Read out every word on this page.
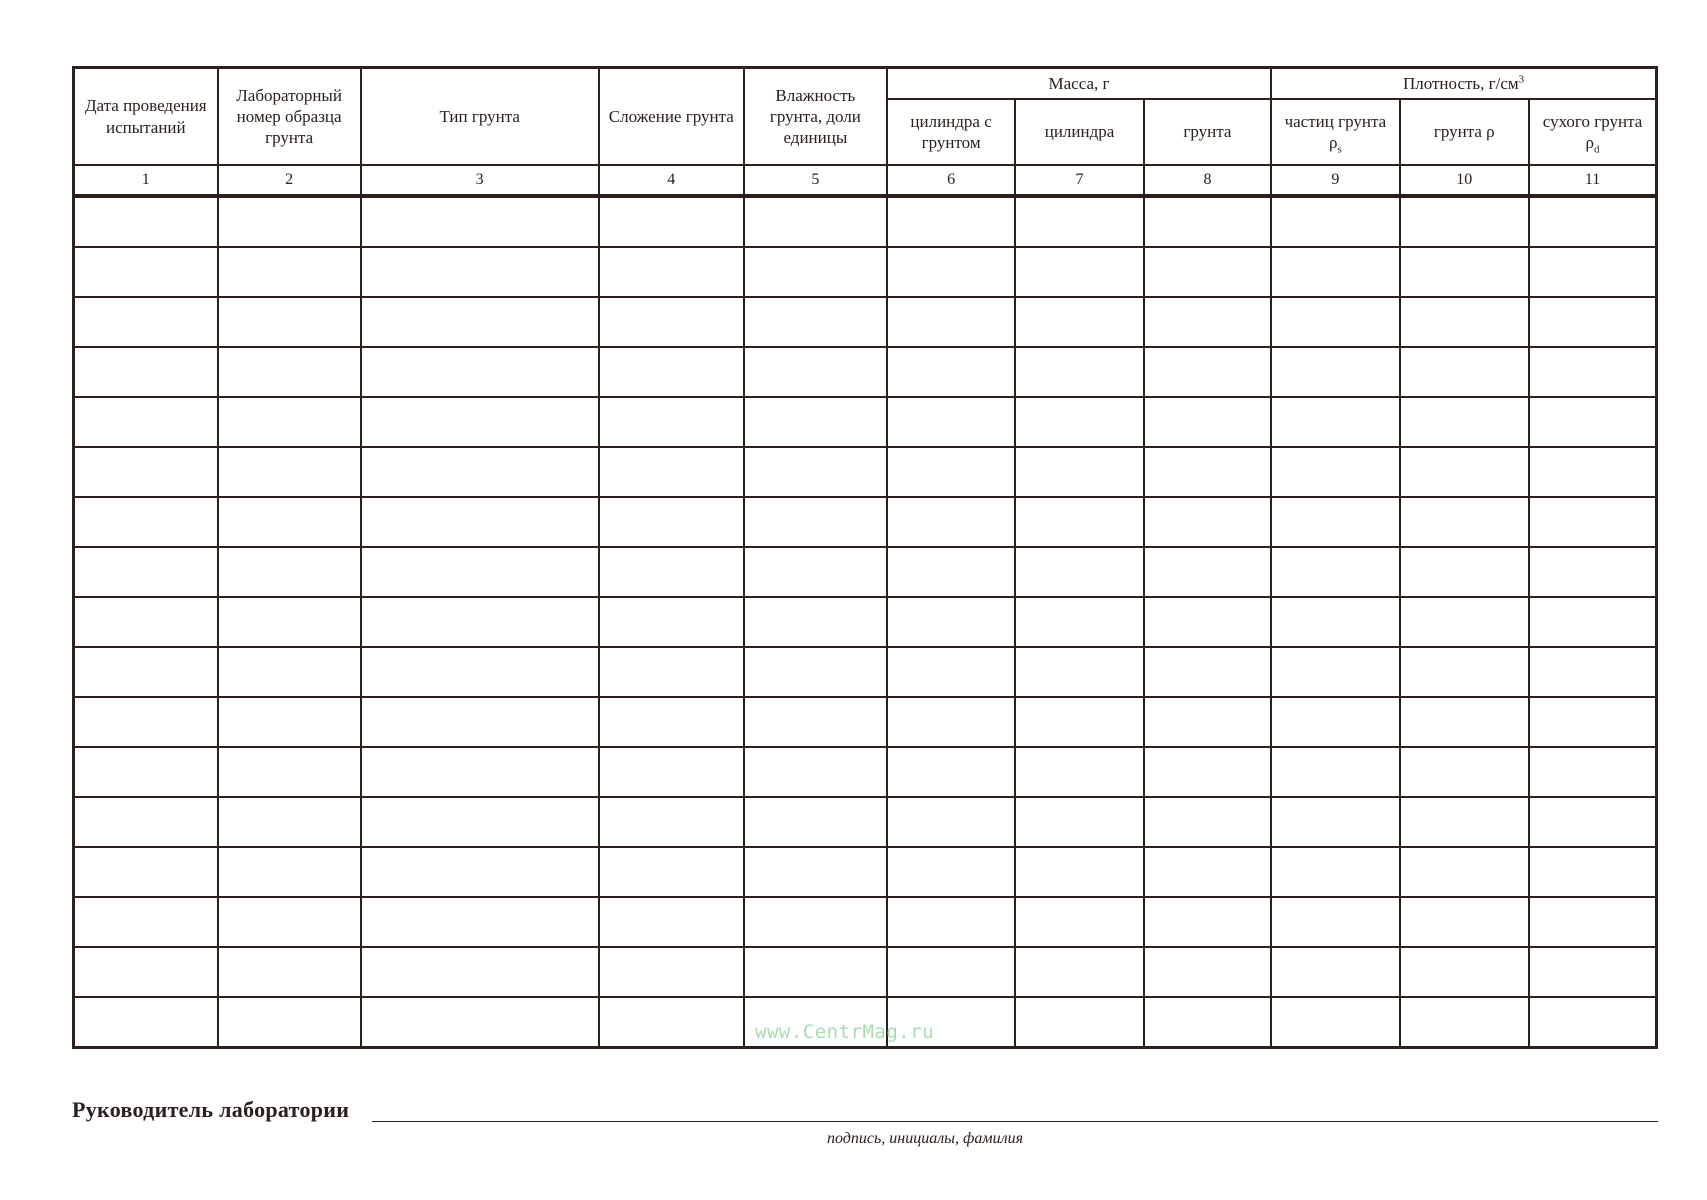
Дата проведения испытаний	Лабораторный номер образца грунта	Тип грунта	Сложение грунта	Влажность грунта, доли единицы	Масса, г			Плотность, $г/см^3$
					цилиндра с грунтом	цилиндра	грунта	частиц грунта $\rho_s$	грунта ρ	сухого грунта $\rho_d$
1	2	3	4	5	6	7	8	9	10	11

www.CentrMag.ru
Руководитель лаборатории
подпись, инициалы, фамилия
